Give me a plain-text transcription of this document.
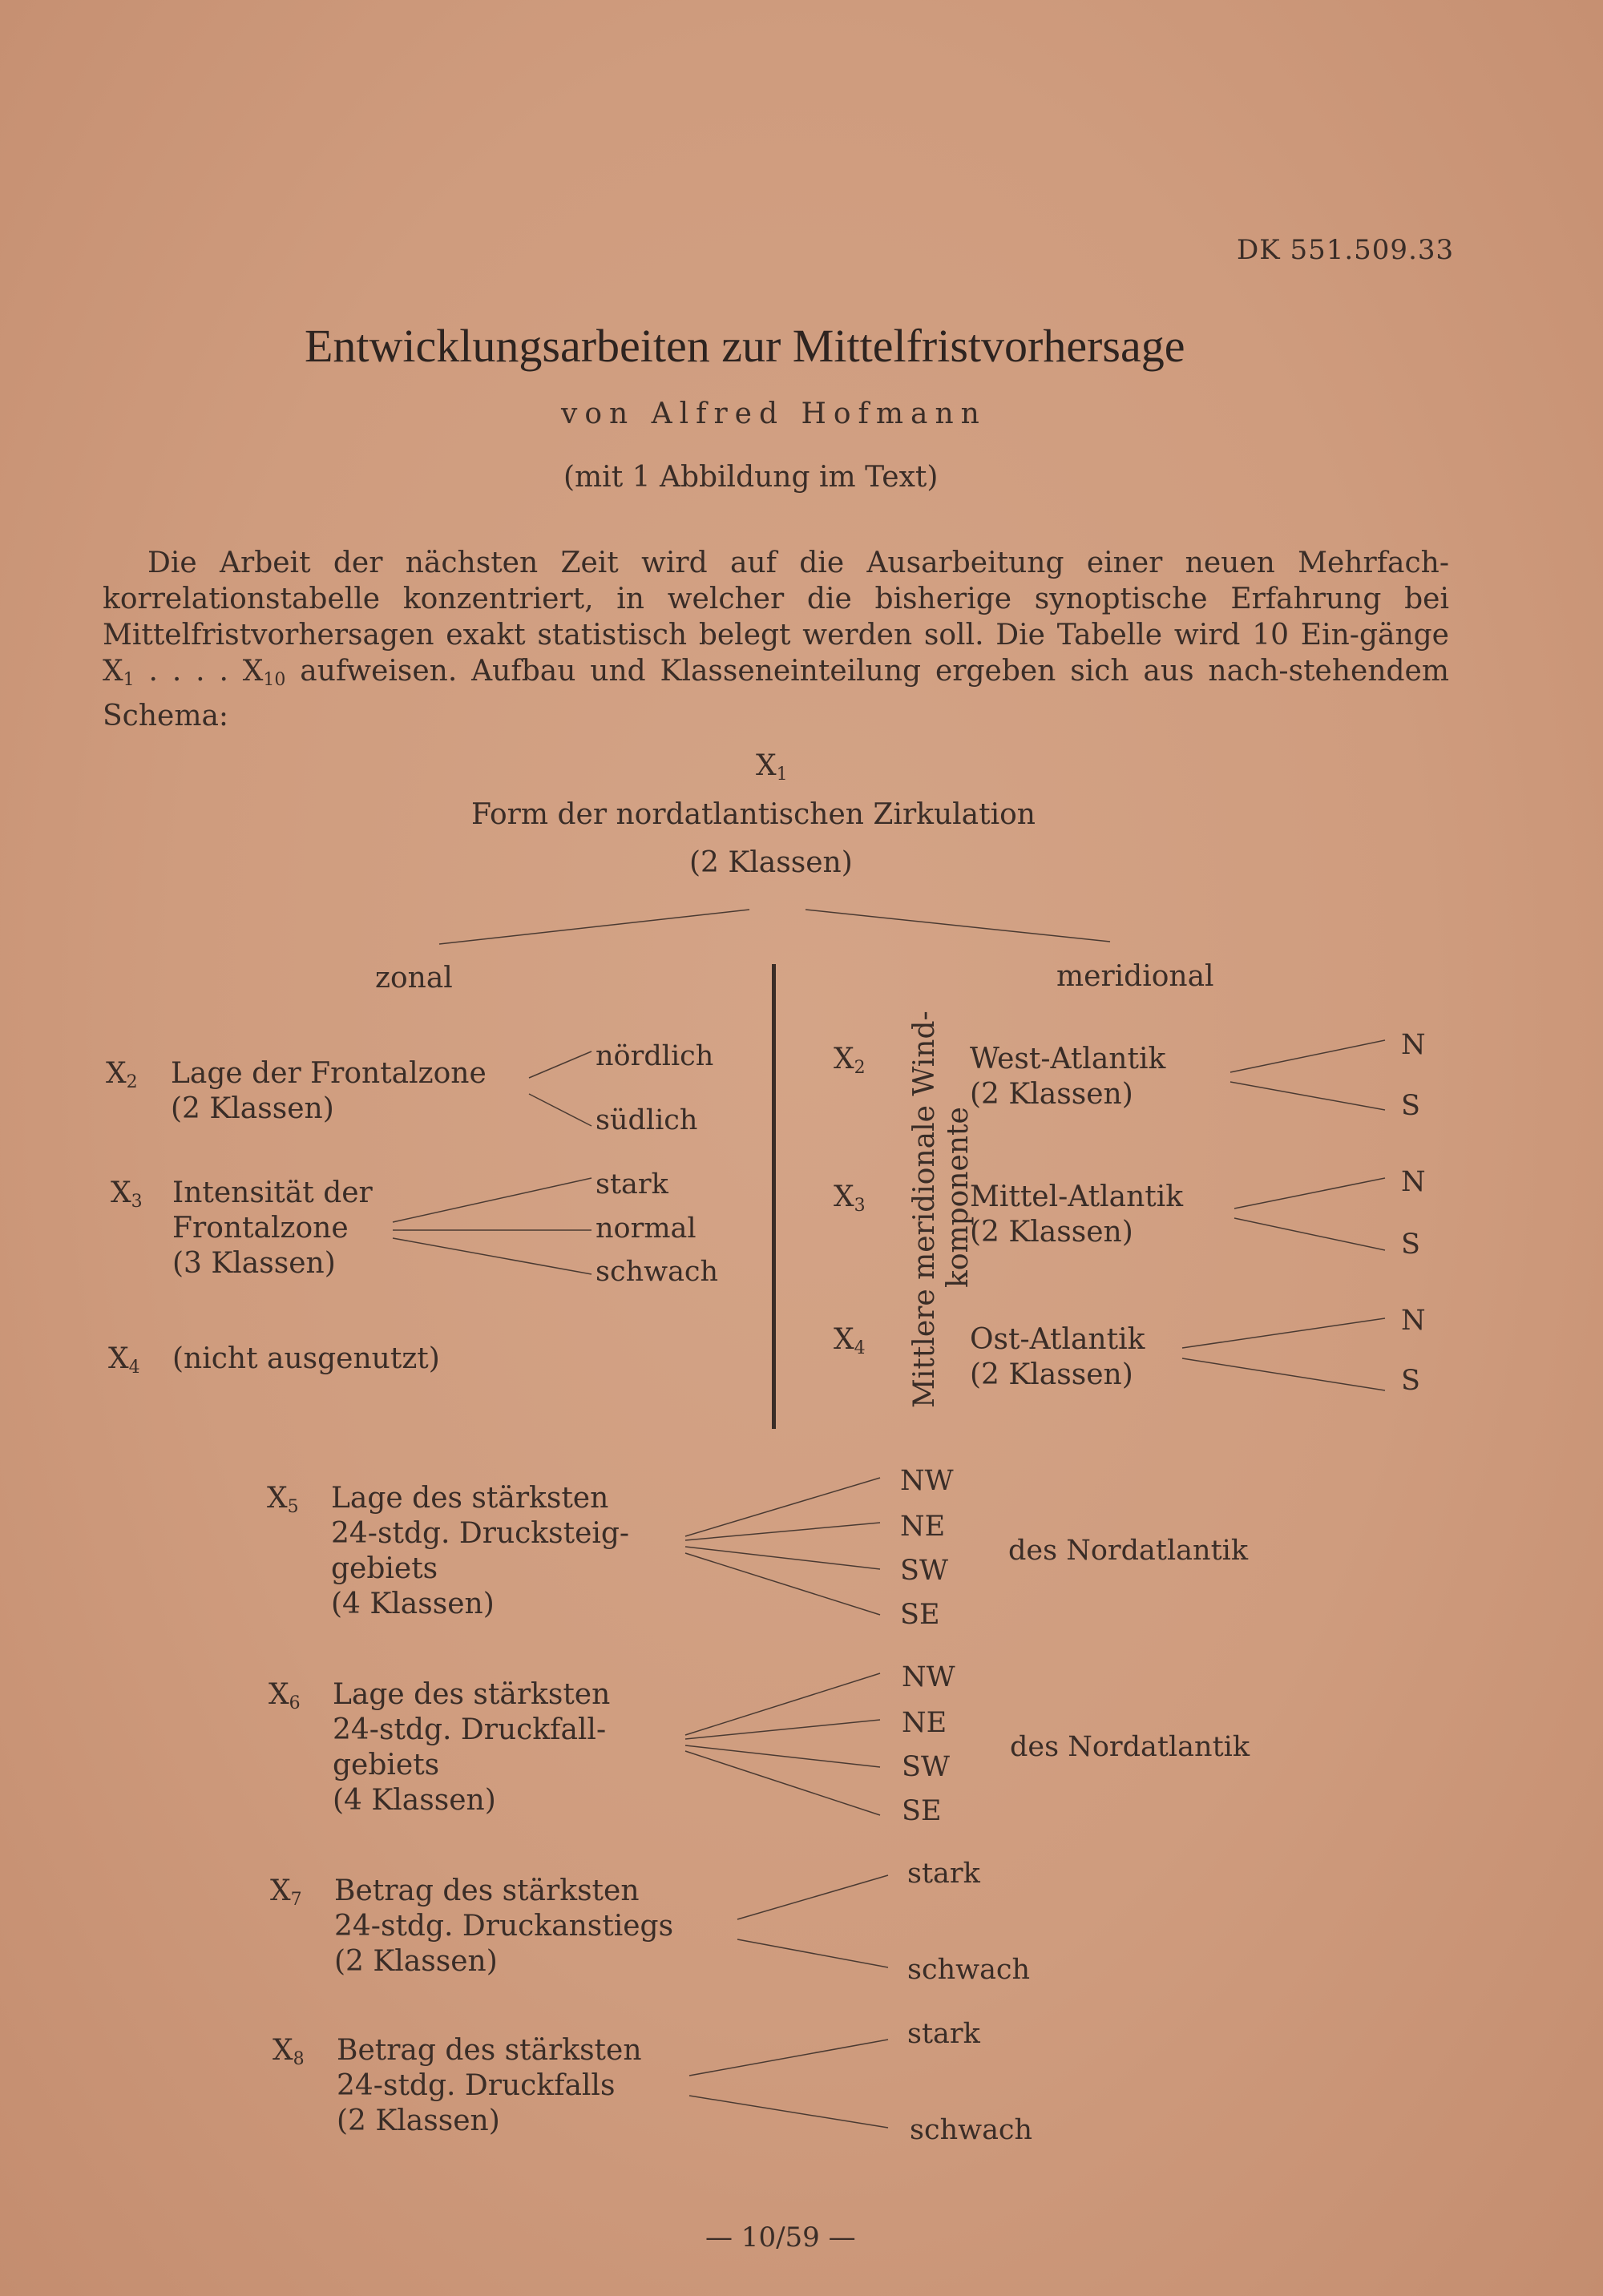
DK 551.509.33
Entwicklungsarbeiten zur Mittelfristvorhersage
von Alfred Hofmann
(mit 1 Abbildung im Text)
Die Arbeit der nächsten Zeit wird auf die Ausarbeitung einer neuen Mehrfach-korrelationstabelle konzentriert, in welcher die bisherige synoptische Erfahrung bei Mittelfristvorhersagen exakt statistisch belegt werden soll. Die Tabelle wird 10 Ein-gänge $X_1$ . . . . $X_{10}$ aufweisen. Aufbau und Klasseneinteilung ergeben sich aus nach-stehendem Schema:
$X_1$
Form der nordatlantischen Zirkulation
(2 Klassen)
zonal
$X_2$ Lage der Frontalzone
(2 Klassen)
nördlich
südlich
$X_3$ Intensität der
Frontalzone
(3 Klassen)
stark
normal
schwach
$X_4$ (nicht ausgenutzt)
meridional
Mittlere meridionale Wind- komponente
$X_2$	West-Atlantik
(2 Klassen)
N
S
$X_3$	Mittel-Atlantik
(2 Klassen)
N
S
$X_4$	Ost-Atlantik
(2 Klassen)
N
S
$X_5$ Lage des stärksten
24-stdg. Drucksteig-
gebiets
(4 Klassen)
NW
NE
SW
SE
des Nordatlantik
$X_6$ Lage des stärksten
24-stdg. Druckfall-
gebiets
(4 Klassen)
NW
NE
SW
SE
des Nordatlantik
$X_7$ Betrag des stärksten
24-stdg. Druckanstiegs
(2 Klassen)
stark
schwach
$X_8$ Betrag des stärksten
24-stdg. Druckfalls
(2 Klassen)
stark
schwach
— 10/59 —
